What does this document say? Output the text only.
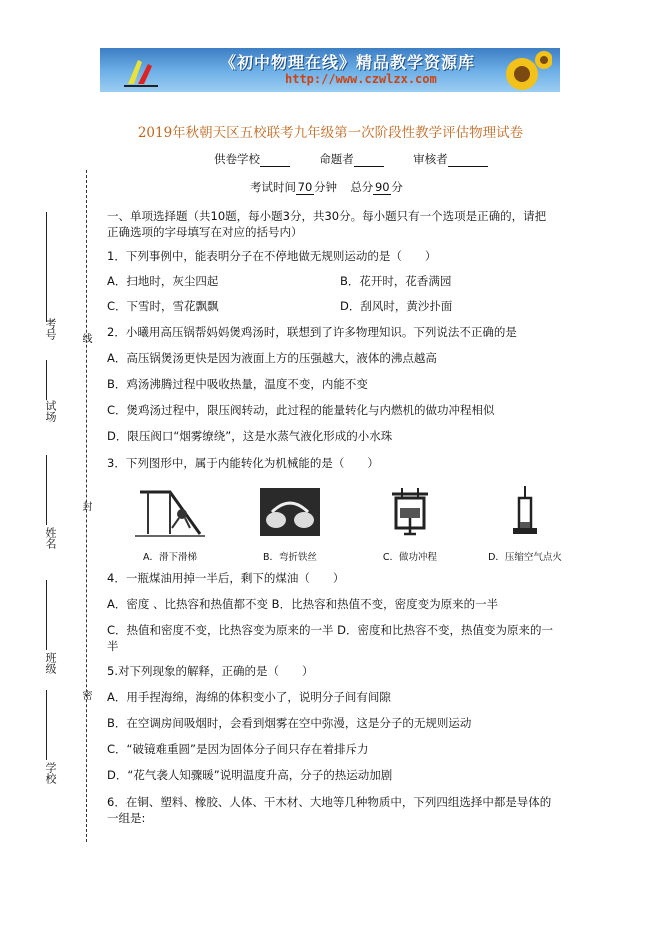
《初中物理在线》精品教学资源库
http://www.czwlzx.com
2019年秋朝天区五校联考九年级第一次阶段性教学评估物理试卷
供卷学校	命题者	审核者
考试时间 70 分钟 总分 90 分
考号
试场
姓名
班级
学校
线
封
密
一、单项选择题（共10题，每小题3分，共30分。每小题只有一个选项是正确的，请把
正确选项的字母填写在对应的括号内）
1．下列事例中，能表明分子在不停地做无规则运动的是（　　）
A．扫地时，灰尘四起	B．花开时，花香满园
C．下雪时，雪花飘飘	D．刮风时，黄沙扑面
2．小曦用高压锅帮妈妈煲鸡汤时，联想到了许多物理知识。下列说法不正确的是
A．高压锅煲汤更快是因为液面上方的压强越大，液体的沸点越高
B．鸡汤沸腾过程中吸收热量，温度不变，内能不变
C．煲鸡汤过程中，限压阀转动，此过程的能量转化与内燃机的做功冲程相似
D．限压阀口“烟雾缭绕”，这是水蒸气液化形成的小水珠
3．下列图形中，属于内能转化为机械能的是（　　）
A．滑下滑梯	B．弯折铁丝	C．做功冲程	D．压缩空气点火
4．一瓶煤油用掉一半后，剩下的煤油（　　）
A．密度 、比热容和热值都不变 B．比热容和热值不变，密度变为原来的一半
C．热值和密度不变，比热容变为原来的一半 D．密度和比热容不变，热值变为原来的一
半
5.对下列现象的解释，正确的是（　　）
A．用手捏海绵，海绵的体积变小了，说明分子间有间隙
B．在空调房间吸烟时，会看到烟雾在空中弥漫，这是分子的无规则运动
C．“破镜难重圆”是因为固体分子间只存在着排斥力
D．“花气袭人知骤暖”说明温度升高，分子的热运动加剧
6．在铜、塑料、橡胶、人体、干木材、大地等几种物质中，下列四组选择中都是导体的
一组是:
